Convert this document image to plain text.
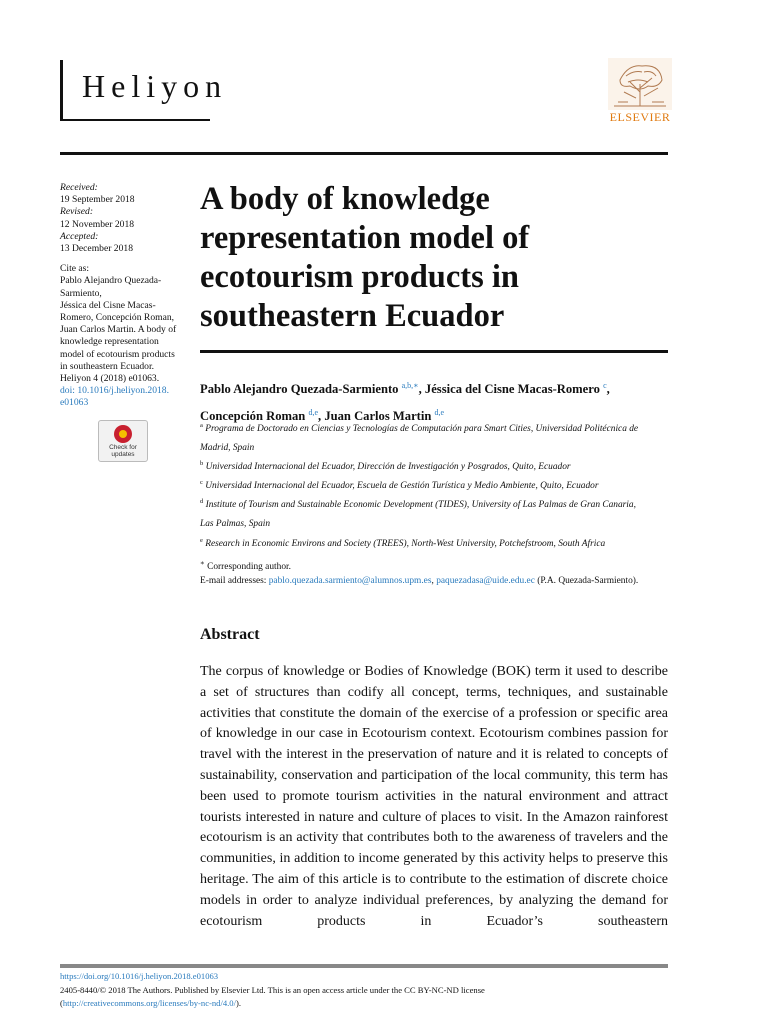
Heliyon
ELSEVIER
Received:
19 September 2018
Revised:
12 November 2018
Accepted:
13 December 2018
Cite as:
Pablo Alejandro Quezada-
Sarmiento,
Jéssica del Cisne Macas-
Romero, Concepción Roman,
Juan Carlos Martin. A body of
knowledge representation
model of ecotourism products
in southeastern Ecuador.
Heliyon 4 (2018) e01063.
doi: 10.1016/j.heliyon.2018.
e01063
Check for updates
A body of knowledge
representation model of
ecotourism products in
southeastern Ecuador
Pablo Alejandro Quezada-Sarmiento $^{a,b,∗}$, Jéssica del Cisne Macas-Romero $^c$,
Concepción Roman $^{d,e}$, Juan Carlos Martin $^{d,e}$
$^a$ Programa de Doctorado en Ciencias y Tecnologías de Computación para Smart Cities, Universidad Politécnica de
Madrid, Spain
$^b$ Universidad Internacional del Ecuador, Dirección de Investigación y Posgrados, Quito, Ecuador
$^c$ Universidad Internacional del Ecuador, Escuela de Gestión Turística y Medio Ambiente, Quito, Ecuador
$^d$ Institute of Tourism and Sustainable Economic Development (TIDES), University of Las Palmas de Gran Canaria,
Las Palmas, Spain
$^e$ Research in Economic Environs and Society (TREES), North-West University, Potchefstroom, South Africa
∗ Corresponding author.
E-mail addresses: pablo.quezada.sarmiento@alumnos.upm.es, paquezadasa@uide.edu.ec (P.A. Quezada-Sarmiento).
Abstract
The corpus of knowledge or Bodies of Knowledge (BOK) term it used to describe a set of structures than codify all concept, terms, techniques, and sustainable activities that constitute the domain of the exercise of a profession or specific area of knowledge in our case in Ecotourism context. Ecotourism combines passion for travel with the interest in the preservation of nature and it is related to concepts of sustainability, conservation and participation of the local community, this term has been used to promote tourism activities in the natural environment and attract tourists interested in nature and culture of places to visit. In the Amazon rainforest ecotourism is an activity that contributes both to the awareness of travelers and the communities, in addition to income generated by this activity helps to preserve this heritage. The aim of this article is to contribute to the estimation of discrete choice models in order to analyze individual preferences, by analyzing the demand for ecotourism products in Ecuador’s southeastern
https://doi.org/10.1016/j.heliyon.2018.e01063
2405-8440/© 2018 The Authors. Published by Elsevier Ltd. This is an open access article under the CC BY-NC-ND license
(http://creativecommons.org/licenses/by-nc-nd/4.0/).
